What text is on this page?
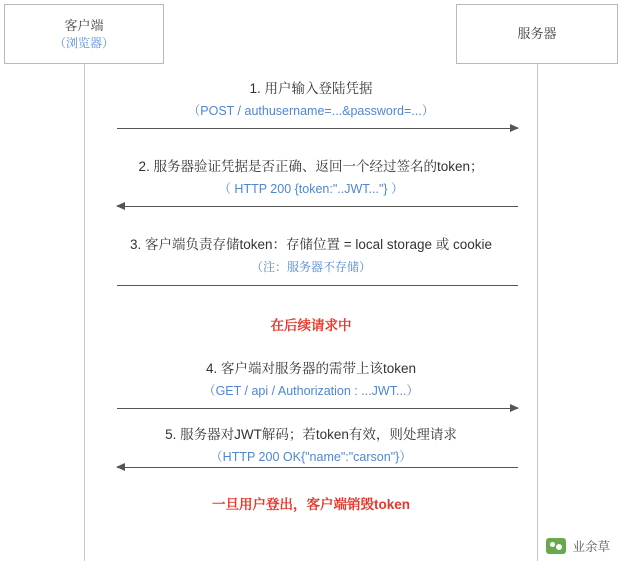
客户端
（浏览器）
服务器
1. 用户输入登陆凭据
（POST / authusername=...&password=...）
2. 服务器验证凭据是否正确、返回一个经过签名的token；
（ HTTP 200 {token:"..JWT..."} ）
3. 客户端负责存储token：存储位置 = local storage 或 cookie
（注：服务器不存储）
在后续请求中
4. 客户端对服务器的需带上该token
（GET / api / Authorization : ...JWT...）
5. 服务器对JWT解码；若token有效，则处理请求
（HTTP 200 OK{"name":"carson"}）
一旦用户登出，客户端销毁token
业余草
